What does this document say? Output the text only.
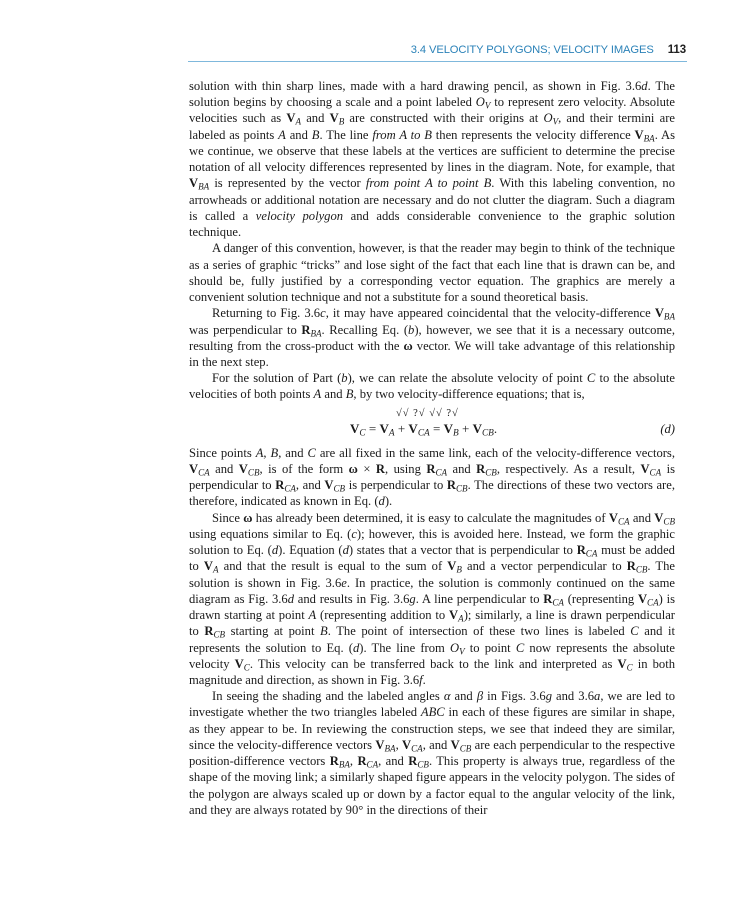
3.4 VELOCITY POLYGONS; VELOCITY IMAGES 113

solution with thin sharp lines, made with a hard drawing pencil, as shown in Fig. 3.6d. The solution begins by choosing a scale and a point labeled $O_V$ to represent zero velocity. Absolute velocities such as $V_A$ and $V_B$ are constructed with their origins at $O_V$, and their termini are labeled as points A and B. The line from A to B then represents the velocity difference $V_{BA}$. As we continue, we observe that these labels at the vertices are sufficient to determine the precise notation of all velocity differences represented by lines in the diagram. Note, for example, that $V_{BA}$ is represented by the vector from point A to point B. With this labeling convention, no arrowheads or additional notation are necessary and do not clutter the diagram. Such a diagram is called a velocity polygon and adds considerable convenience to the graphic solution technique.

A danger of this convention, however, is that the reader may begin to think of the technique as a series of graphic “tricks” and lose sight of the fact that each line that is drawn can be, and should be, fully justified by a corresponding vector equation. The graphics are merely a convenient solution technique and not a substitute for a sound theoretical basis.

Returning to Fig. 3.6c, it may have appeared coincidental that the velocity-difference $V_{BA}$ was perpendicular to $R_{BA}$. Recalling Eq. (b), however, we see that it is a necessary outcome, resulting from the cross-product with the ω vector. We will take advantage of this relationship in the next step.

For the solution of Part (b), we can relate the absolute velocity of point C to the absolute velocities of both points A and B, by two velocity-difference equations; that is,

√√ ?√ √√ ?√
$V_C = V_A + V_{CA} = V_B + V_{CB}$.	(d)

Since points A, B, and C are all fixed in the same link, each of the velocity-difference vectors, $V_{CA}$ and $V_{CB}$, is of the form ω × R, using $R_{CA}$ and $R_{CB}$, respectively. As a result, $V_{CA}$ is perpendicular to $R_{CA}$, and $V_{CB}$ is perpendicular to $R_{CB}$. The directions of these two vectors are, therefore, indicated as known in Eq. (d).

Since ω has already been determined, it is easy to calculate the magnitudes of $V_{CA}$ and $V_{CB}$ using equations similar to Eq. (c); however, this is avoided here. Instead, we form the graphic solution to Eq. (d). Equation (d) states that a vector that is perpendicular to $R_{CA}$ must be added to $V_A$ and that the result is equal to the sum of $V_B$ and a vector perpendicular to $R_{CB}$. The solution is shown in Fig. 3.6e. In practice, the solution is commonly continued on the same diagram as Fig. 3.6d and results in Fig. 3.6g. A line perpendicular to $R_{CA}$ (representing $V_{CA}$) is drawn starting at point A (representing addition to $V_A$); similarly, a line is drawn perpendicular to $R_{CB}$ starting at point B. The point of intersection of these two lines is labeled C and it represents the solution to Eq. (d). The line from $O_V$ to point C now represents the absolute velocity $V_C$. This velocity can be transferred back to the link and interpreted as $V_C$ in both magnitude and direction, as shown in Fig. 3.6f.

In seeing the shading and the labeled angles α and β in Figs. 3.6g and 3.6a, we are led to investigate whether the two triangles labeled ABC in each of these figures are similar in shape, as they appear to be. In reviewing the construction steps, we see that indeed they are similar, since the velocity-difference vectors $V_{BA}$, $V_{CA}$, and $V_{CB}$ are each perpendicular to the respective position-difference vectors $R_{BA}$, $R_{CA}$, and $R_{CB}$. This property is always true, regardless of the shape of the moving link; a similarly shaped figure appears in the velocity polygon. The sides of the polygon are always scaled up or down by a factor equal to the angular velocity of the link, and they are always rotated by 90° in the directions of their
